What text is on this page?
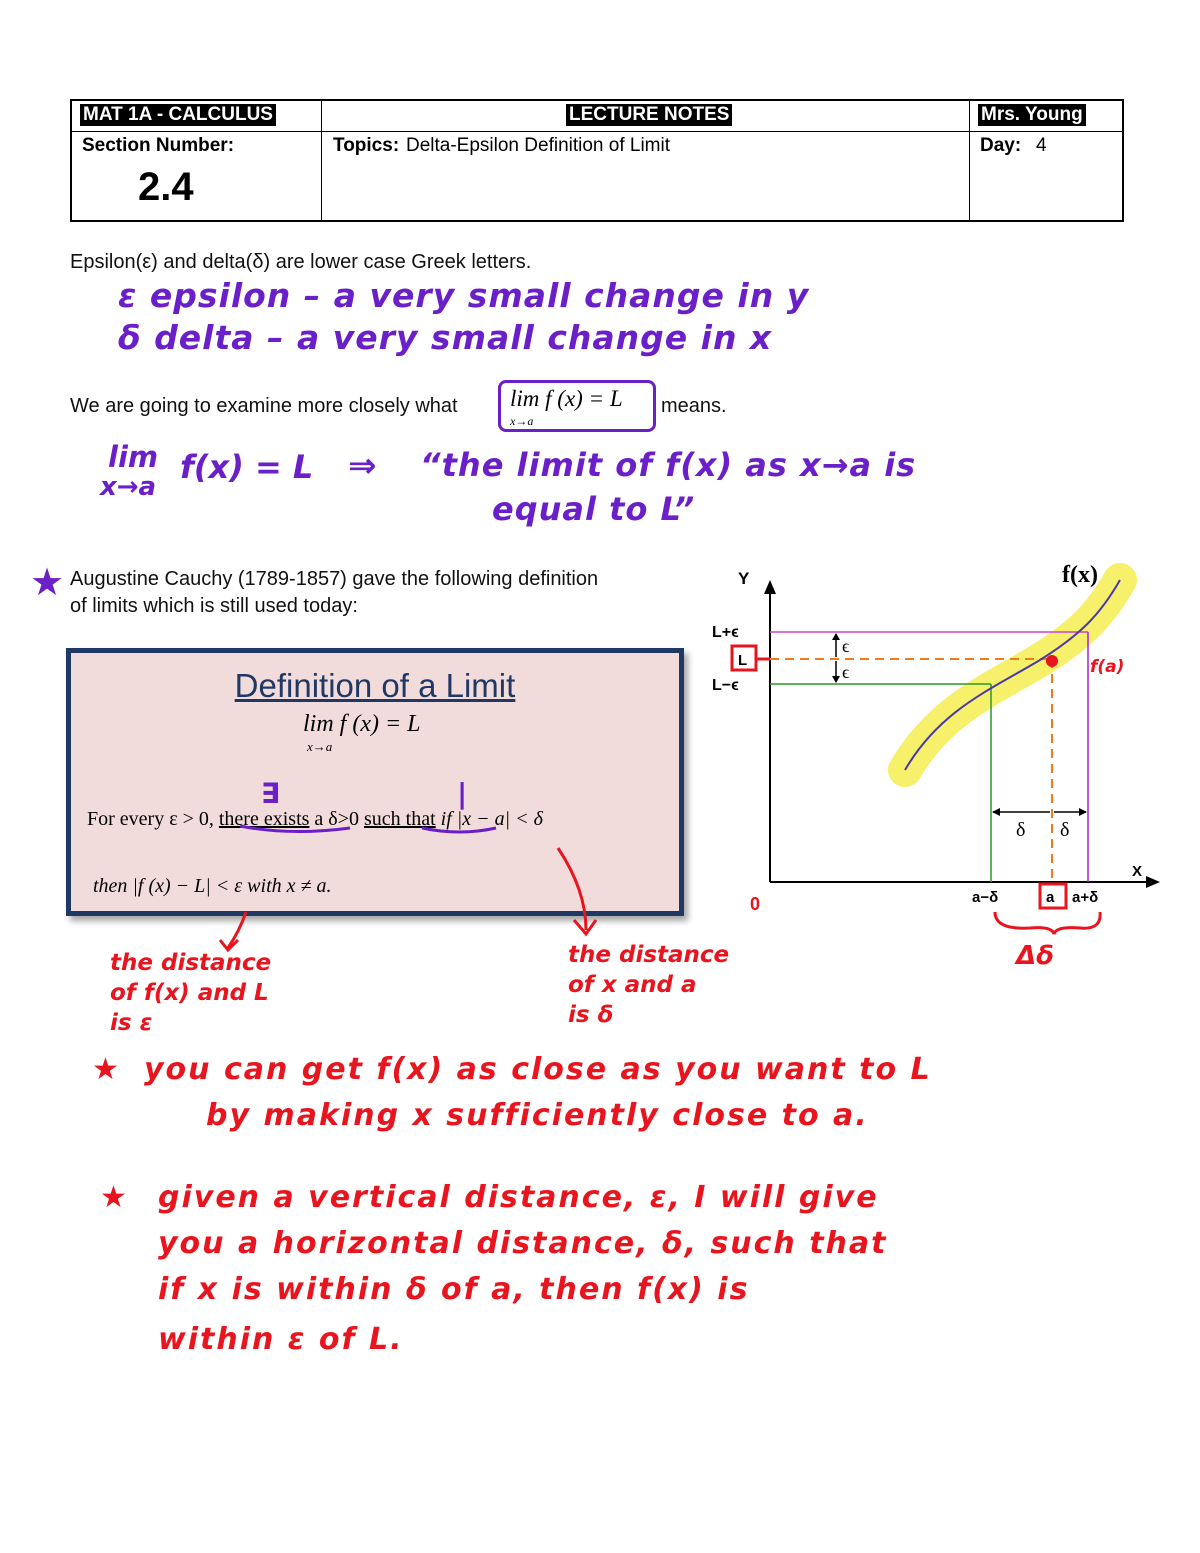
MAT 1A - CALCULUS
Section Number:
2.4
LECTURE NOTES
Topics: Delta-Epsilon Definition of Limit
Mrs. Young
Day: 4
Epsilon(ε) and delta(δ) are lower case Greek letters.
ε epsilon – a very small change in y
δ delta – a very small change in x
We are going to examine more closely what lim f (x) = L
x→a
means.
lim
x→a
f(x) = L ⇒ “the limit of f(x) as x→a is
equal to L”
★ Augustine Cauchy (1789-1857) gave the following definition
of limits which is still used today:
Definition of a Limit
lim f (x) = L
x→a
∃	|
For every ε > 0, there exists a δ>0 such that if |x − a| < δ
then |f (x) − L| < ε with x ≠ a.
the distance
of f(x) and L
is ε
the distance
of x and a
is δ
Y
X
f(x)
0
L+ϵ
L
L−ϵ
ϵ
ϵ
δ δ
a−δ	a a+δ
f(a)
Δδ
★ you can get f(x) as close as you want to L
by making x sufficiently close to a.
★ given a vertical distance, ε, I will give
you a horizontal distance, δ, such that
if x is within δ of a, then f(x) is
within ε of L.
